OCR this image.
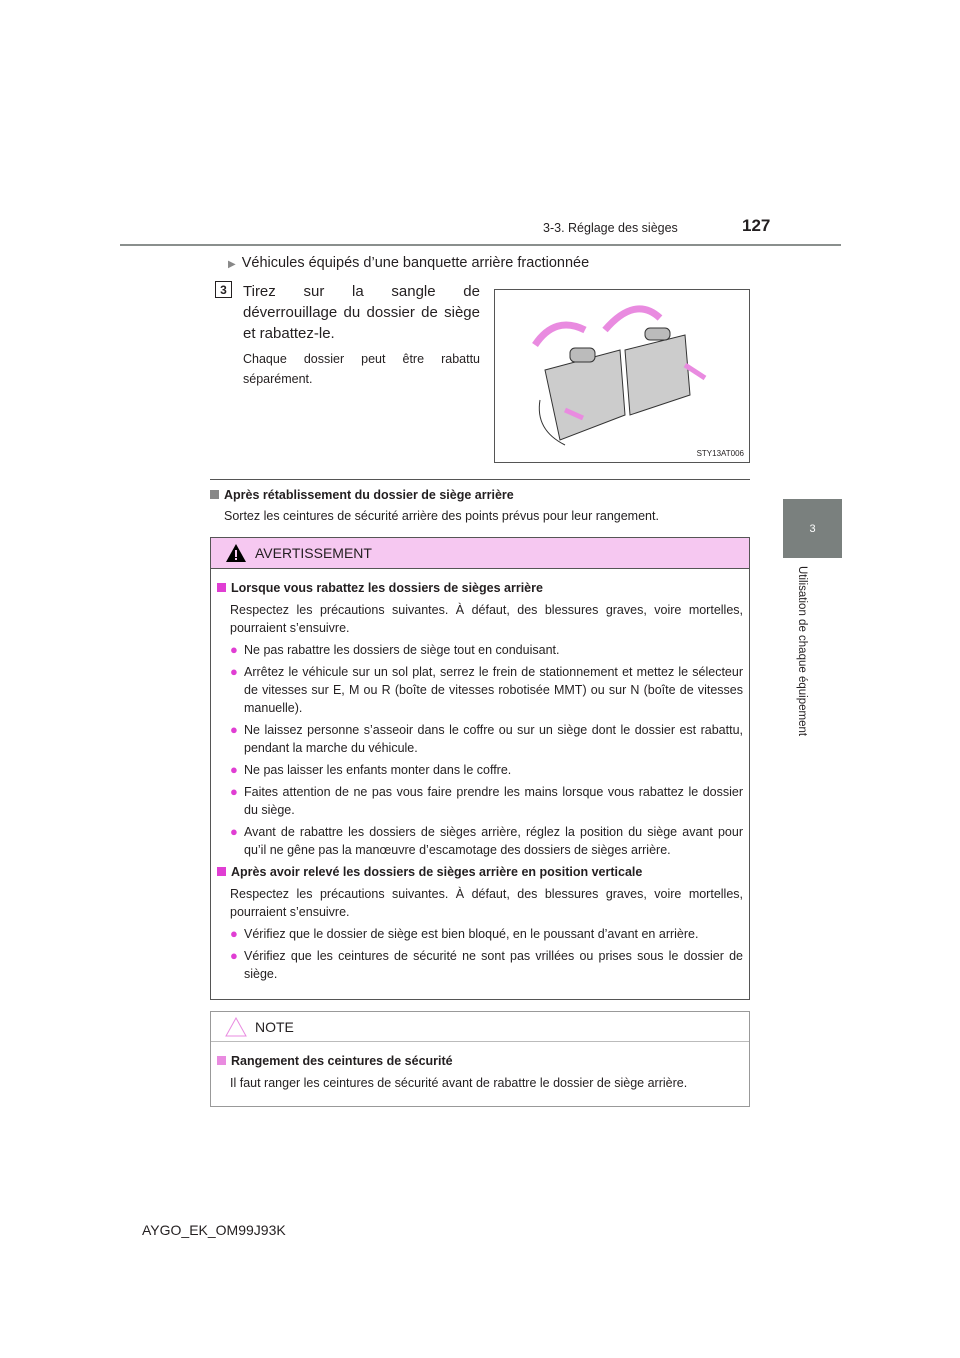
3-3. Réglage des sièges	127
3
Utilisation de chaque équipement
▶ Véhicules équipés d’une banquette arrière fractionnée
3	Tirez sur la sangle de déverrouillage du dossier de siège et rabattez-le.
Chaque dossier peut être rabattu séparément.
STY13AT006
Après rétablissement du dossier de siège arrière
Sortez les ceintures de sécurité arrière des points prévus pour leur rangement.
AVERTISSEMENT
Lorsque vous rabattez les dossiers de sièges arrière
Respectez les précautions suivantes. À défaut, des blessures graves, voire mortelles, pourraient s’ensuivre.
● Ne pas rabattre les dossiers de siège tout en conduisant.
● Arrêtez le véhicule sur un sol plat, serrez le frein de stationnement et mettez le sélecteur de vitesses sur E, M ou R (boîte de vitesses robotisée MMT) ou sur N (boîte de vitesses manuelle).
● Ne laissez personne s’asseoir dans le coffre ou sur un siège dont le dossier est rabattu, pendant la marche du véhicule.
● Ne pas laisser les enfants monter dans le coffre.
● Faites attention de ne pas vous faire prendre les mains lorsque vous rabattez le dossier du siège.
● Avant de rabattre les dossiers de sièges arrière, réglez la position du siège avant pour qu’il ne gêne pas la manœuvre d’escamotage des dossiers de sièges arrière.
Après avoir relevé les dossiers de sièges arrière en position verticale
Respectez les précautions suivantes. À défaut, des blessures graves, voire mortelles, pourraient s’ensuivre.
● Vérifiez que le dossier de siège est bien bloqué, en le poussant d’avant en arrière.
● Vérifiez que les ceintures de sécurité ne sont pas vrillées ou prises sous le dossier de siège.
NOTE
Rangement des ceintures de sécurité
Il faut ranger les ceintures de sécurité avant de rabattre le dossier de siège arrière.
AYGO_EK_OM99J93K
